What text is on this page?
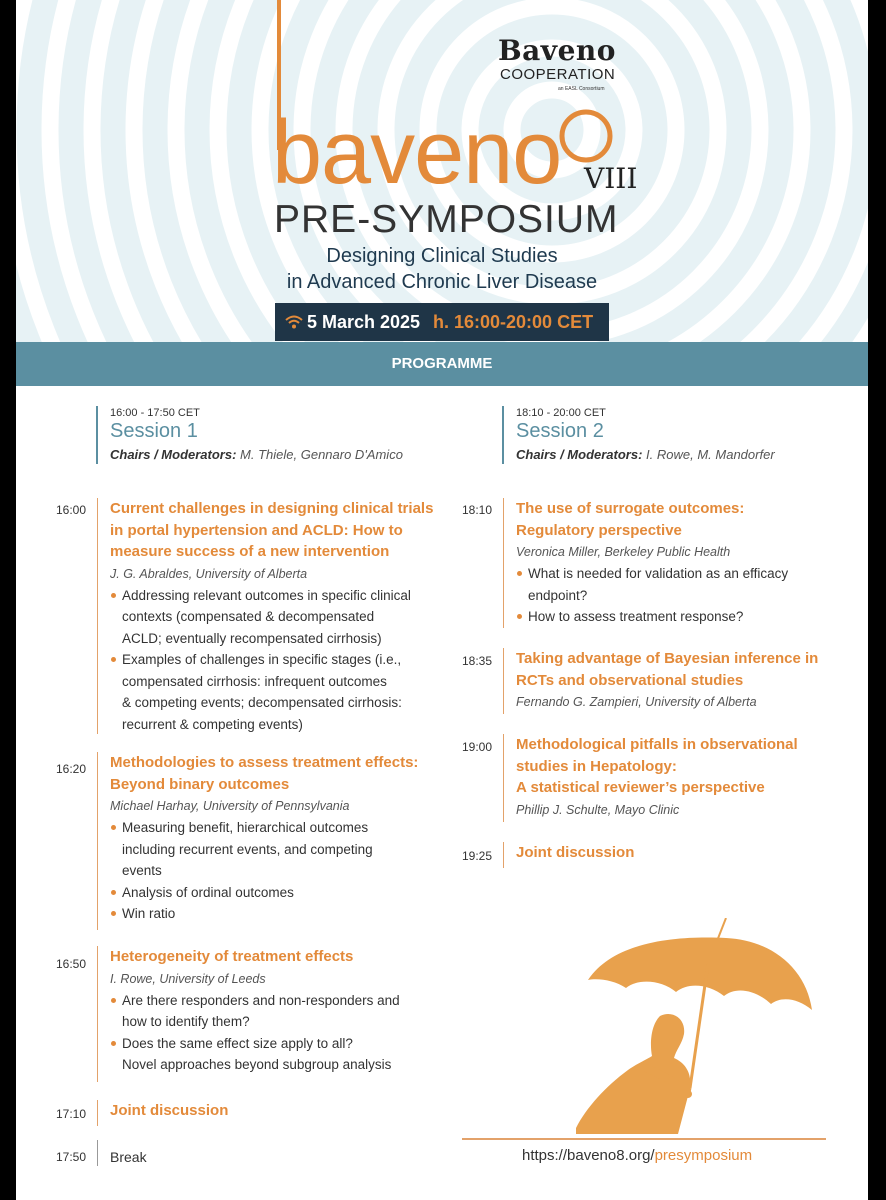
Baveno
COOPERATION
an EASL Consortium
baveno VIII
PRE-SYMPOSIUM
Designing Clinical Studies
in Advanced Chronic Liver Disease
5 March 2025 h. 16:00-20:00 CET
PROGRAMME
16:00 - 17:50 CET
Session 1
Chairs / Moderators: M. Thiele, Gennaro D'Amico
18:10 - 20:00 CET
Session 2
Chairs / Moderators: I. Rowe, M. Mandorfer
16:00 Current challenges in designing clinical trials
in portal hypertension and ACLD: How to
measure success of a new intervention
J. G. Abraldes, University of Alberta
Addressing relevant outcomes in specific clinical
contexts (compensated & decompensated
ACLD; eventually recompensated cirrhosis)
Examples of challenges in specific stages (i.e.,
compensated cirrhosis: infrequent outcomes
& competing events; decompensated cirrhosis:
recurrent & competing events)
16:20 Methodologies to assess treatment effects:
Beyond binary outcomes
Michael Harhay, University of Pennsylvania
Measuring benefit, hierarchical outcomes
including recurrent events, and competing
events
Analysis of ordinal outcomes
Win ratio
16:50 Heterogeneity of treatment effects
I. Rowe, University of Leeds
Are there responders and non-responders and
how to identify them?
Does the same effect size apply to all?
Novel approaches beyond subgroup analysis
17:10 Joint discussion
17:50	Break
18:10 The use of surrogate outcomes:
Regulatory perspective
Veronica Miller, Berkeley Public Health
What is needed for validation as an efficacy
endpoint?
How to assess treatment response?
18:35 Taking advantage of Bayesian inference in
RCTs and observational studies
Fernando G. Zampieri, University of Alberta
19:00 Methodological pitfalls in observational
studies in Hepatology:
A statistical reviewer’s perspective
Phillip J. Schulte, Mayo Clinic
19:25 Joint discussion
https://baveno8.org/presymposium
